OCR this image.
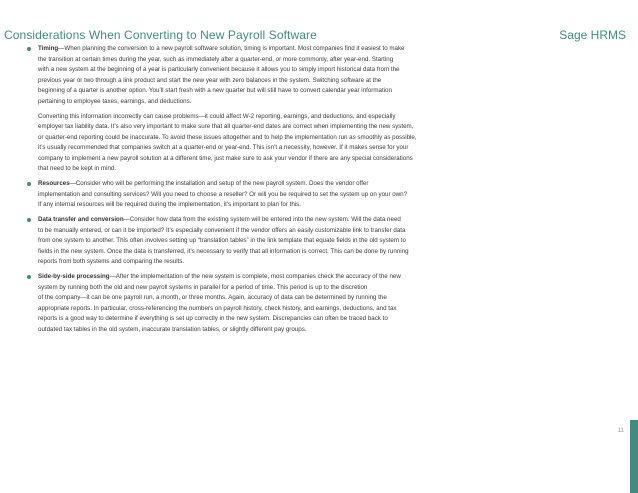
Considerations When Converting to New Payroll Software	Sage HRMS
Timing—When planning the conversion to a new payroll software solution, timing is important. Most companies find it easiest to make
the transition at certain times during the year, such as immediately after a quarter-end, or more commonly, after year-end. Starting
with a new system at the beginning of a year is particularly convenient because it allows you to simply import historical data from the
previous year or two through a link product and start the new year with zero balances in the system. Switching software at the
beginning of a quarter is another option. You’ll start fresh with a new quarter but will still have to convert calendar year information
pertaining to employee taxes, earnings, and deductions.
Converting this information incorrectly can cause problems—it could affect W-2 reporting, earnings, and deductions, and especially
employer tax liability data. It’s also very important to make sure that all quarter-end dates are correct when implementing the new system,
or quarter-end reporting could be inaccurate. To avoid these issues altogether and to help the implementation run as smoothly as possible,
it’s usually recommended that companies switch at a quarter-end or year-end. This isn’t a necessity, however. If it makes sense for your
company to implement a new payroll solution at a different time, just make sure to ask your vendor if there are any special considerations
that need to be kept in mind.
Resources—Consider who will be performing the installation and setup of the new payroll system. Does the vendor offer
implementation and consulting services? Will you need to choose a reseller? Or will you be required to set the system up on your own?
If any internal resources will be required during the implementation, it’s important to plan for this.
Data transfer and conversion—Consider how data from the existing system will be entered into the new system. Will the data need
to be manually entered, or can it be imported? It’s especially convenient if the vendor offers an easily customizable link to transfer data
from one system to another. This often involves setting up “translation tables” in the link template that equate fields in the old system to
fields in the new system. Once the data is transferred, it’s necessary to verify that all information is correct. This can be done by running
reports from both systems and comparing the results.
Side-by-side processing—After the implementation of the new system is complete, most companies check the accuracy of the new
system by running both the old and new payroll systems in parallel for a period of time. This period is up to the discretion
of the company—it can be one payroll run, a month, or three months. Again, accuracy of data can be determined by running the
appropriate reports. In particular, cross-referencing the numbers on payroll history, check history, and earnings, deductions, and tax
reports is a good way to determine if everything is set up correctly in the new system. Discrepancies can often be traced back to
outdated tax tables in the old system, inaccurate translation tables, or slightly different pay groups.
11
